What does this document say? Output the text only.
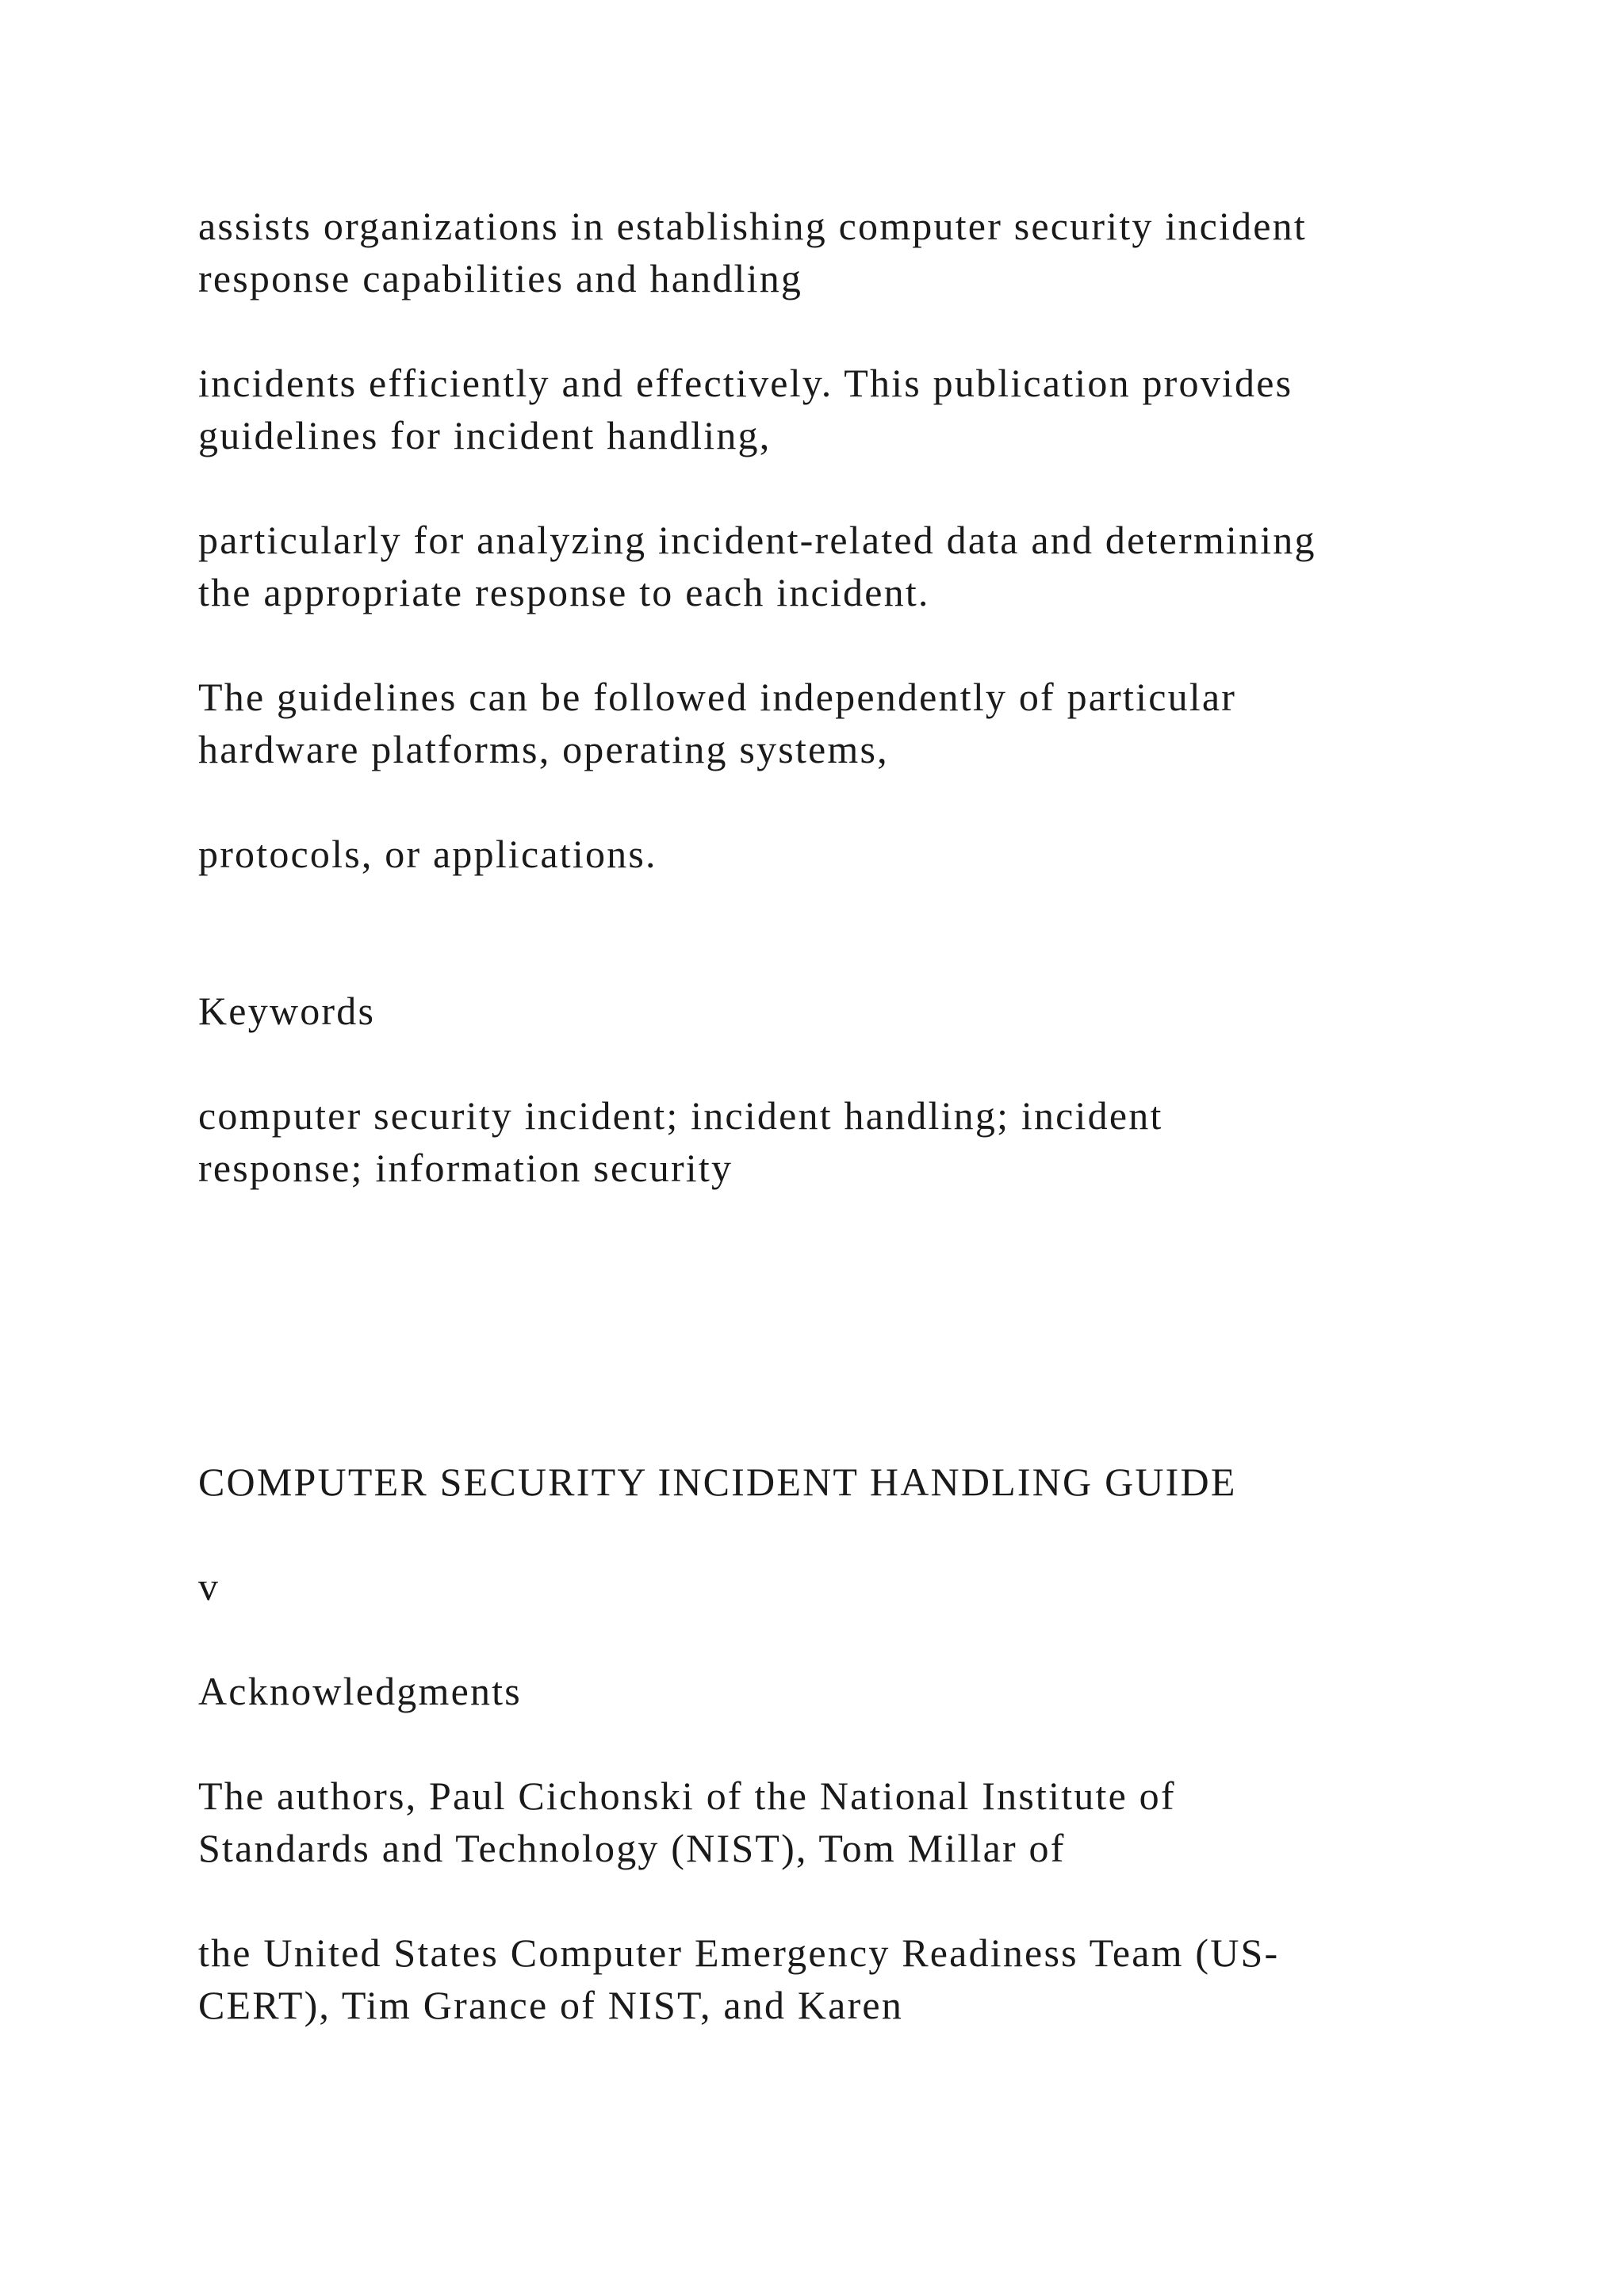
assists organizations in establishing computer security incident
response capabilities and handling

incidents efficiently and effectively. This publication provides
guidelines for incident handling,

particularly for analyzing incident-related data and determining
the appropriate response to each incident.

The guidelines can be followed independently of particular
hardware platforms, operating systems,

protocols, or applications.

Keywords

computer security incident; incident handling; incident
response; information security

COMPUTER SECURITY INCIDENT HANDLING GUIDE

v

Acknowledgments

The authors, Paul Cichonski of the National Institute of
Standards and Technology (NIST), Tom Millar of

the United States Computer Emergency Readiness Team (US-
CERT), Tim Grance of NIST, and Karen
